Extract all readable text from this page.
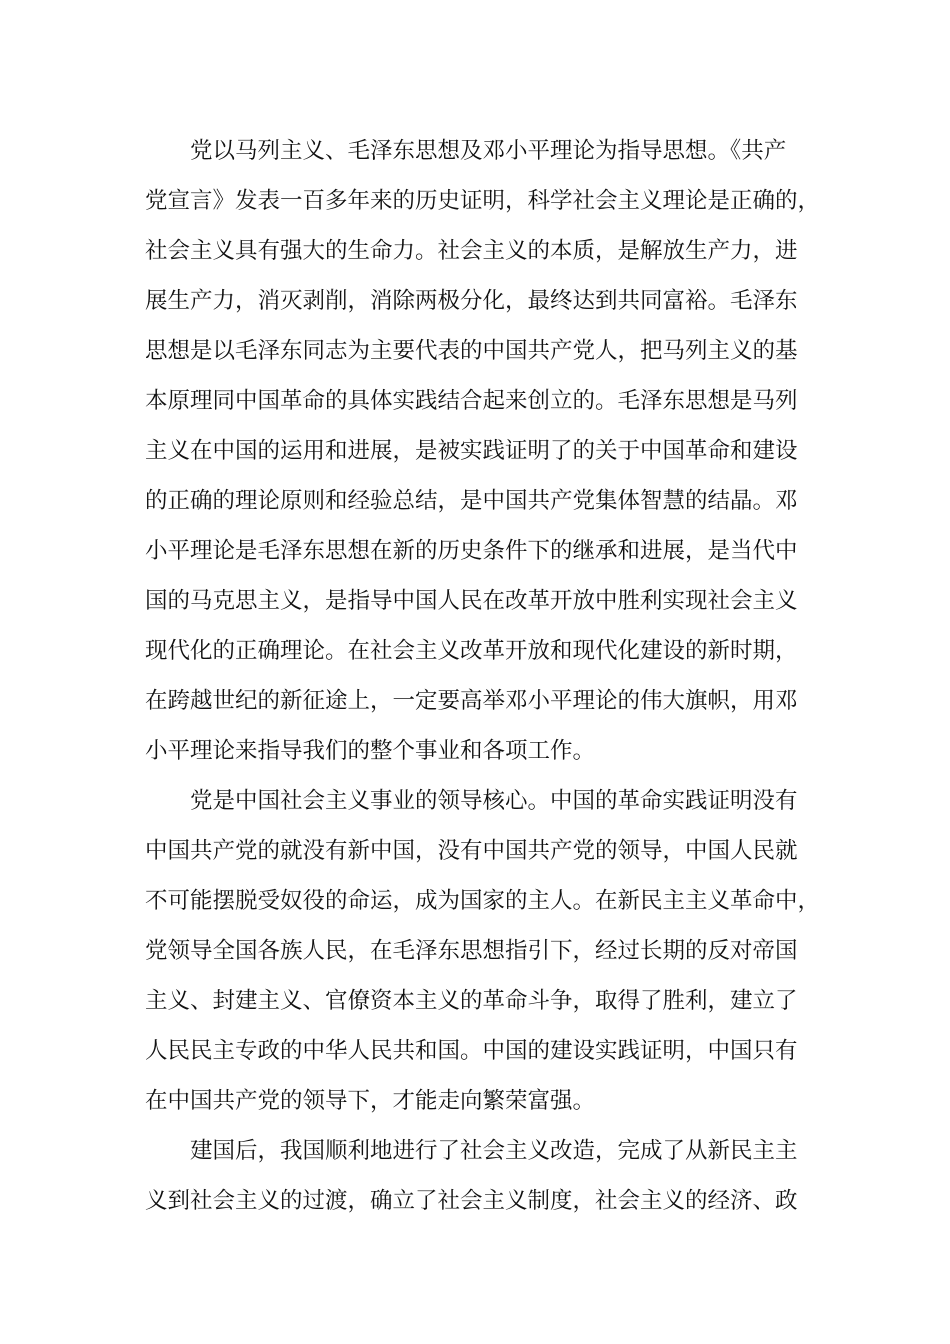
党以马列主义、毛泽东思想及邓小平理论为指导思想。《共产
党宣言》发表一百多年来的历史证明，科学社会主义理论是正确的，
社会主义具有强大的生命力。社会主义的本质，是解放生产力，进
展生产力，消灭剥削，消除两极分化，最终达到共同富裕。毛泽东
思想是以毛泽东同志为主要代表的中国共产党人，把马列主义的基
本原理同中国革命的具体实践结合起来创立的。毛泽东思想是马列
主义在中国的运用和进展，是被实践证明了的关于中国革命和建设
的正确的理论原则和经验总结，是中国共产党集体智慧的结晶。邓
小平理论是毛泽东思想在新的历史条件下的继承和进展，是当代中
国的马克思主义，是指导中国人民在改革开放中胜利实现社会主义
现代化的正确理论。在社会主义改革开放和现代化建设的新时期，
在跨越世纪的新征途上，一定要高举邓小平理论的伟大旗帜，用邓
小平理论来指导我们的整个事业和各项工作。
党是中国社会主义事业的领导核心。中国的革命实践证明没有
中国共产党的就没有新中国，没有中国共产党的领导，中国人民就
不可能摆脱受奴役的命运，成为国家的主人。在新民主主义革命中，
党领导全国各族人民，在毛泽东思想指引下，经过长期的反对帝国
主义、封建主义、官僚资本主义的革命斗争，取得了胜利，建立了
人民民主专政的中华人民共和国。中国的建设实践证明，中国只有
在中国共产党的领导下，才能走向繁荣富强。
建国后，我国顺利地进行了社会主义改造，完成了从新民主主
义到社会主义的过渡，确立了社会主义制度，社会主义的经济、政
